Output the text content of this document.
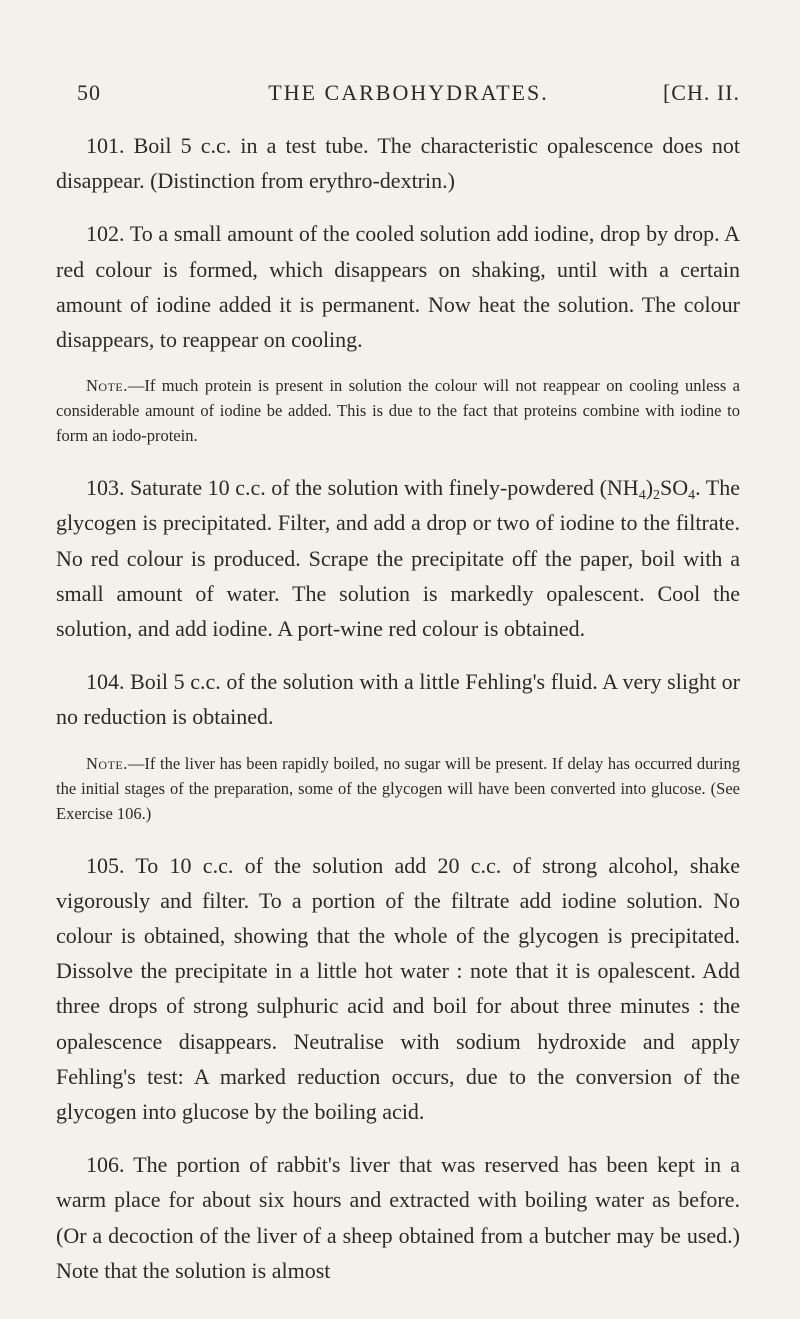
50	THE CARBOHYDRATES.	[CH. II.

101. Boil 5 c.c. in a test tube. The characteristic opalescence does not disappear. (Distinction from erythro-dextrin.)

102. To a small amount of the cooled solution add iodine, drop by drop. A red colour is formed, which disappears on shaking, until with a certain amount of iodine added it is permanent. Now heat the solution. The colour disappears, to reappear on cooling.

Note.—If much protein is present in solution the colour will not reappear on cooling unless a considerable amount of iodine be added. This is due to the fact that proteins combine with iodine to form an iodo-protein.

103. Saturate 10 c.c. of the solution with finely-powdered $(NH_4)_2SO_4$. The glycogen is precipitated. Filter, and add a drop or two of iodine to the filtrate. No red colour is produced. Scrape the precipitate off the paper, boil with a small amount of water. The solution is markedly opalescent. Cool the solution, and add iodine. A port-wine red colour is obtained.

104. Boil 5 c.c. of the solution with a little Fehling's fluid. A very slight or no reduction is obtained.

Note.—If the liver has been rapidly boiled, no sugar will be present. If delay has occurred during the initial stages of the preparation, some of the glycogen will have been converted into glucose. (See Exercise 106.)

105. To 10 c.c. of the solution add 20 c.c. of strong alcohol, shake vigorously and filter. To a portion of the filtrate add iodine solution. No colour is obtained, showing that the whole of the glycogen is precipitated. Dissolve the precipitate in a little hot water : note that it is opalescent. Add three drops of strong sulphuric acid and boil for about three minutes : the opalescence disappears. Neutralise with sodium hydroxide and apply Fehling's test: A marked reduction occurs, due to the conversion of the glycogen into glucose by the boiling acid.

106. The portion of rabbit's liver that was reserved has been kept in a warm place for about six hours and extracted with boiling water as before. (Or a decoction of the liver of a sheep obtained from a butcher may be used.) Note that the solution is almost
